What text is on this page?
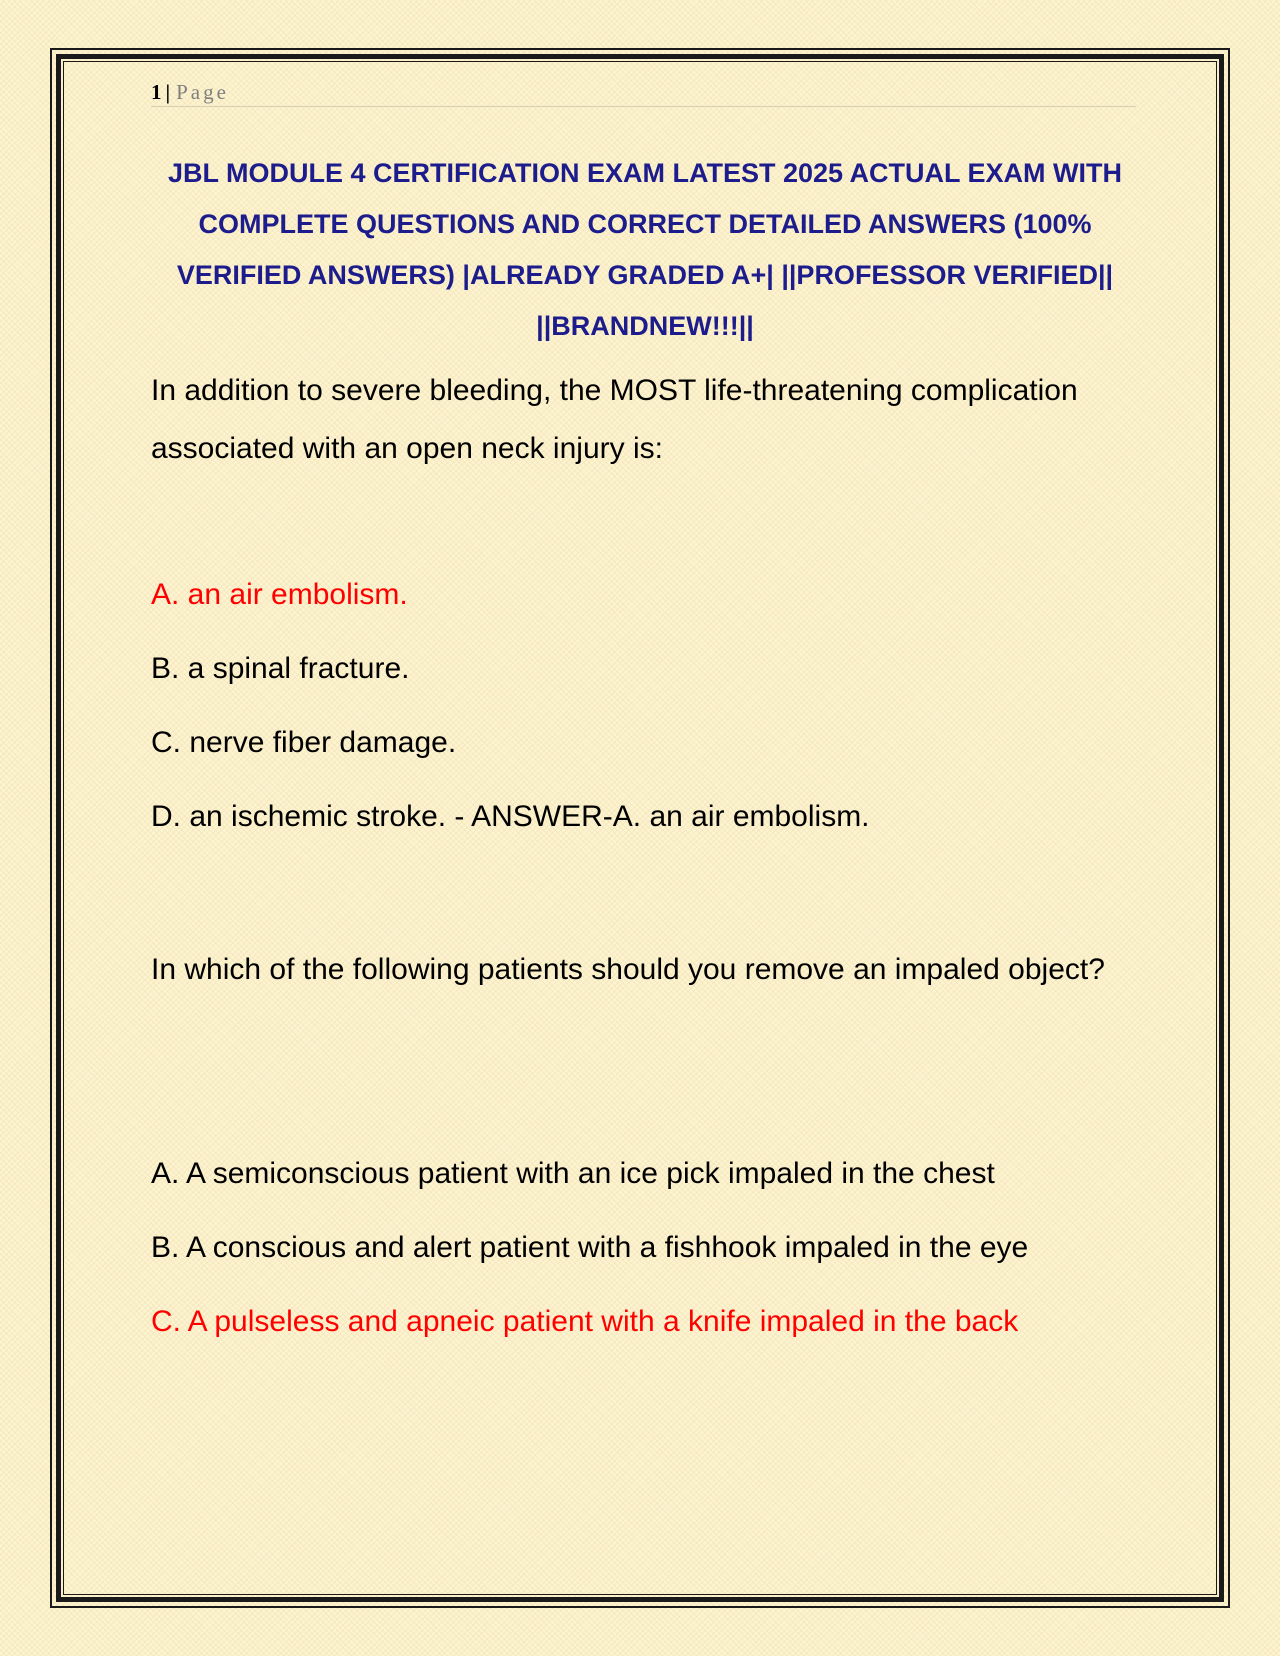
1 | Page
JBL MODULE 4 CERTIFICATION EXAM LATEST 2025 ACTUAL EXAM WITH COMPLETE QUESTIONS AND CORRECT DETAILED ANSWERS (100% VERIFIED ANSWERS) |ALREADY GRADED A+| ||PROFESSOR VERIFIED|| ||BRANDNEW!!!||

In addition to severe bleeding, the MOST life-threatening complication associated with an open neck injury is:

A. an air embolism.

B. a spinal fracture.

C. nerve fiber damage.

D. an ischemic stroke. - ANSWER-A. an air embolism.

In which of the following patients should you remove an impaled object?

A. A semiconscious patient with an ice pick impaled in the chest

B. A conscious and alert patient with a fishhook impaled in the eye

C. A pulseless and apneic patient with a knife impaled in the back
